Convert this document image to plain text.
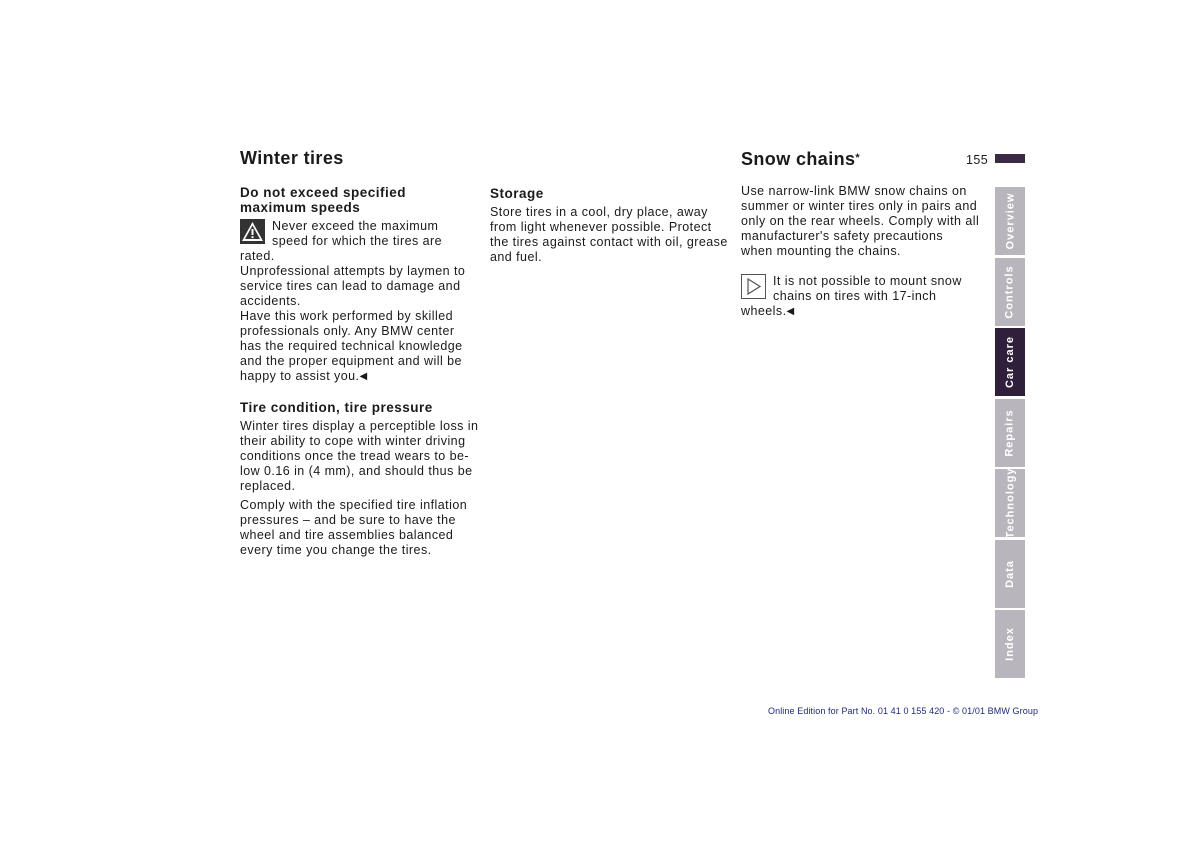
Winter tires
Do not exceed specified
maximum speeds

Never exceed the maximum

speed for which the tires are

rated.

Unprofessional attempts by laymen to

service tires can lead to damage and

accidents.

Have this work performed by skilled

professionals only. Any BMW center

has the required technical knowledge

and the proper equipment and will be

happy to assist you.◀

Tire condition, tire pressure

Winter tires display a perceptible loss in

their ability to cope with winter driving

conditions once the tread wears to be-

low 0.16 in (4 mm), and should thus be

replaced.

Comply with the specified tire inflation

pressures – and be sure to have the

wheel and tire assemblies balanced

every time you change the tires.

Storage

Store tires in a cool, dry place, away

from light whenever possible. Protect

the tires against contact with oil, grease

and fuel.

Snow chains*

Use narrow-link BMW snow chains on

summer or winter tires only in pairs and

only on the rear wheels. Comply with all

manufacturer's safety precautions

when mounting the chains.

It is not possible to mount snow

chains on tires with 17-inch

wheels.◀

155
Overview
Controls
Car care
Repairs
Technology
Data
Index
Online Edition for Part No. 01 41 0 155 420 - © 01/01 BMW Group
